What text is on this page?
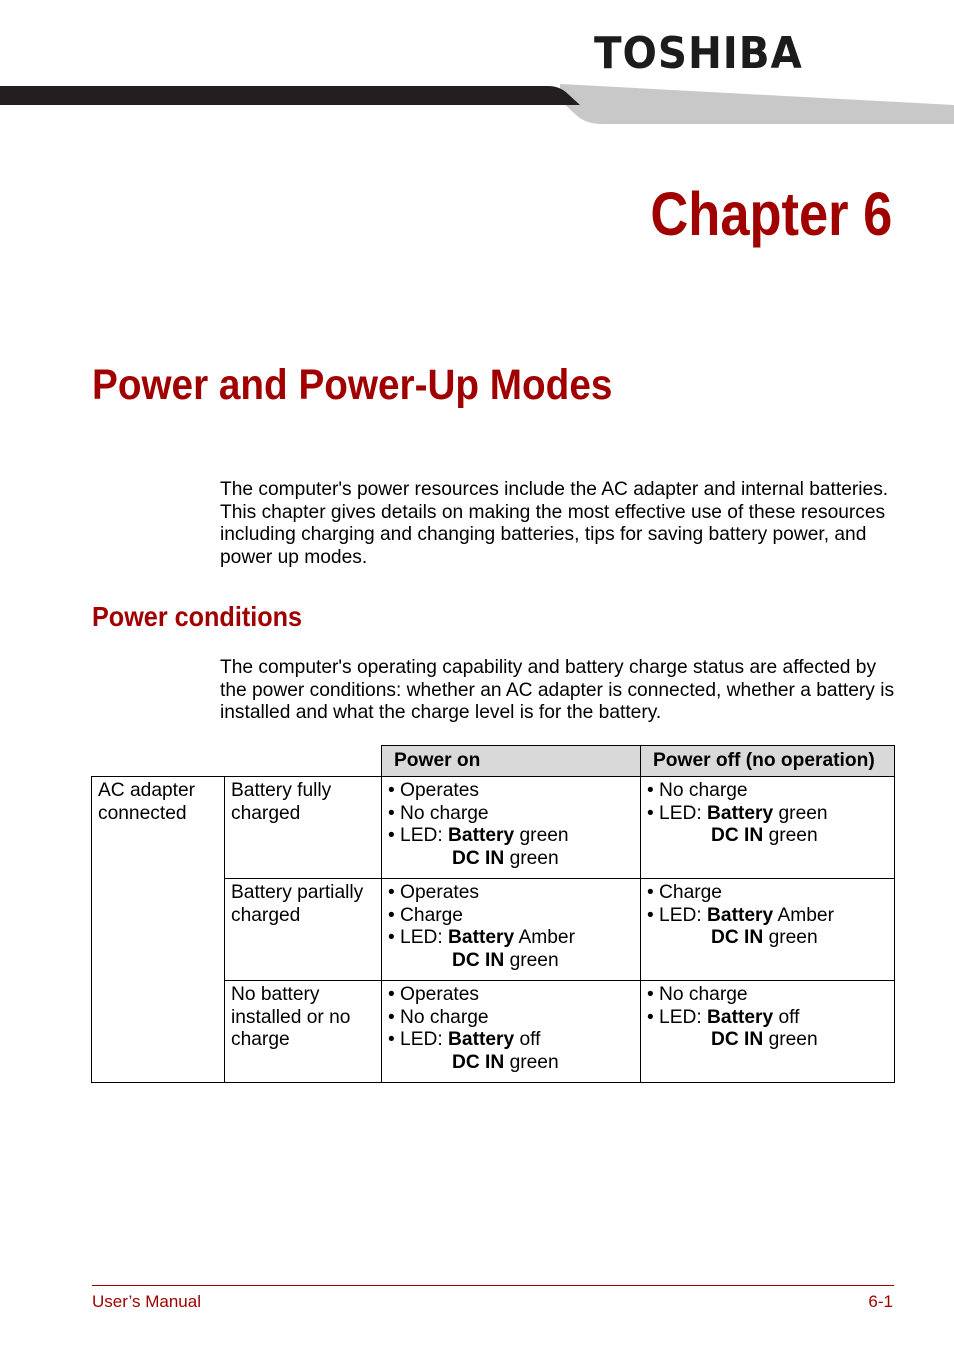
TOSHIBA
Chapter 6
Power and Power-Up Modes

The computer's power resources include the AC adapter and internal batteries. This chapter gives details on making the most effective use of these resources including charging and changing batteries, tips for saving battery power, and power up modes.

Power conditions

The computer's operating capability and battery charge status are affected by the power conditions: whether an AC adapter is connected, whether a battery is installed and what the charge level is for the battery.

		Power on	Power off (no operation)
AC adapter connected	Battery fully charged	• Operates
• No charge
• LED: Battery green
DC IN green	• No charge
• LED: Battery green
DC IN green

	Battery partially charged	• Operates
• Charge
• LED: Battery Amber
DC IN green	• Charge
• LED: Battery Amber
DC IN green

	No battery installed or no charge	• Operates
• No charge
• LED: Battery off
DC IN green	• No charge
• LED: Battery off
DC IN green
User’s Manual	6-1
